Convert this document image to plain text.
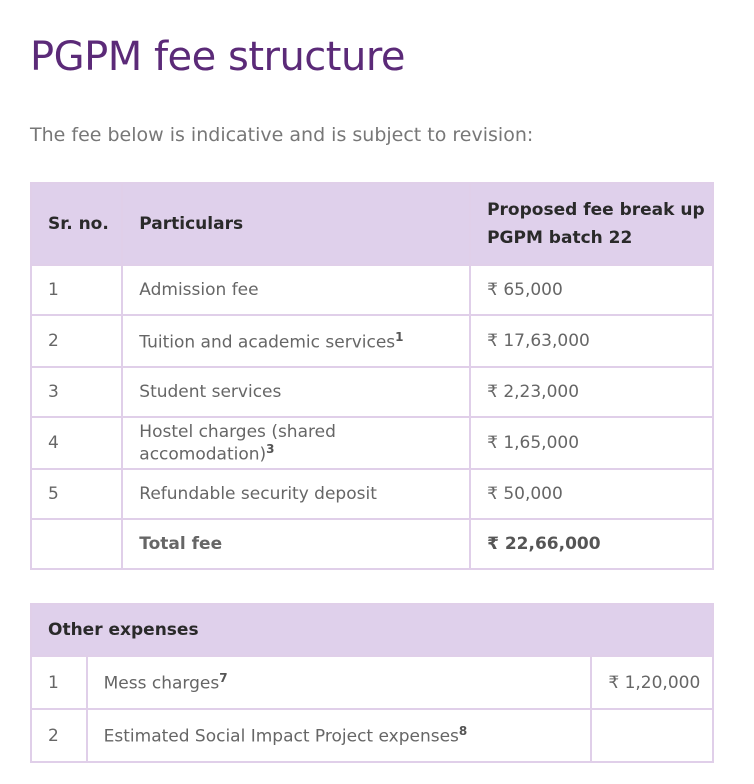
PGPM fee structure

The fee below is indicative and is subject to revision:

Sr. no.	Particulars	Proposed fee break up
PGPM batch 22
1	Admission fee	₹ 65,000
2	Tuition and academic services$^1$	₹ 17,63,000
3	Student services	₹ 2,23,000
4	Hostel charges (shared accomodation)$^3$	₹ 1,65,000
5	Refundable security deposit	₹ 50,000
	Total fee	₹ 22,66,000
Other expenses		
1	Mess charges$^7$	₹ 1,20,000
2	Estimated Social Impact Project expenses$^8$	
